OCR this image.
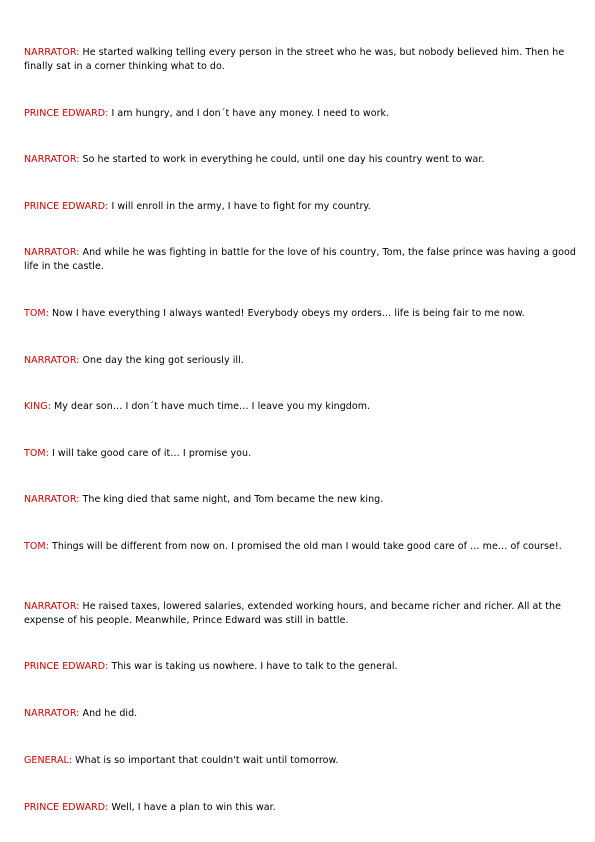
NARRATOR: He started walking telling every person in the street who he was, but nobody believed him. Then he finally sat in a corner thinking what to do.

PRINCE EDWARD: I am hungry, and I don´t have any money. I need to work.

NARRATOR: So he started to work in everything he could, until one day his country went to war.

PRINCE EDWARD: I will enroll in the army, I have to fight for my country.

NARRATOR: And while he was fighting in battle for the love of his country, Tom, the false prince was having a good life in the castle.

TOM: Now I have everything I always wanted! Everybody obeys my orders… life is being fair to me now.

NARRATOR: One day the king got seriously ill.

KING: My dear son… I don´t have much time… I leave you my kingdom.

TOM: I will take good care of it… I promise you.

NARRATOR: The king died that same night, and Tom became the new king.

TOM: Things will be different from now on. I promised the old man I would take good care of … me… of course!.

NARRATOR: He raised taxes, lowered salaries, extended working hours, and became richer and richer. All at the expense of his people. Meanwhile, Prince Edward was still in battle.

PRINCE EDWARD: This war is taking us nowhere. I have to talk to the general.

NARRATOR: And he did.

GENERAL: What is so important that couldn't wait until tomorrow.

PRINCE EDWARD: Well, I have a plan to win this war.
